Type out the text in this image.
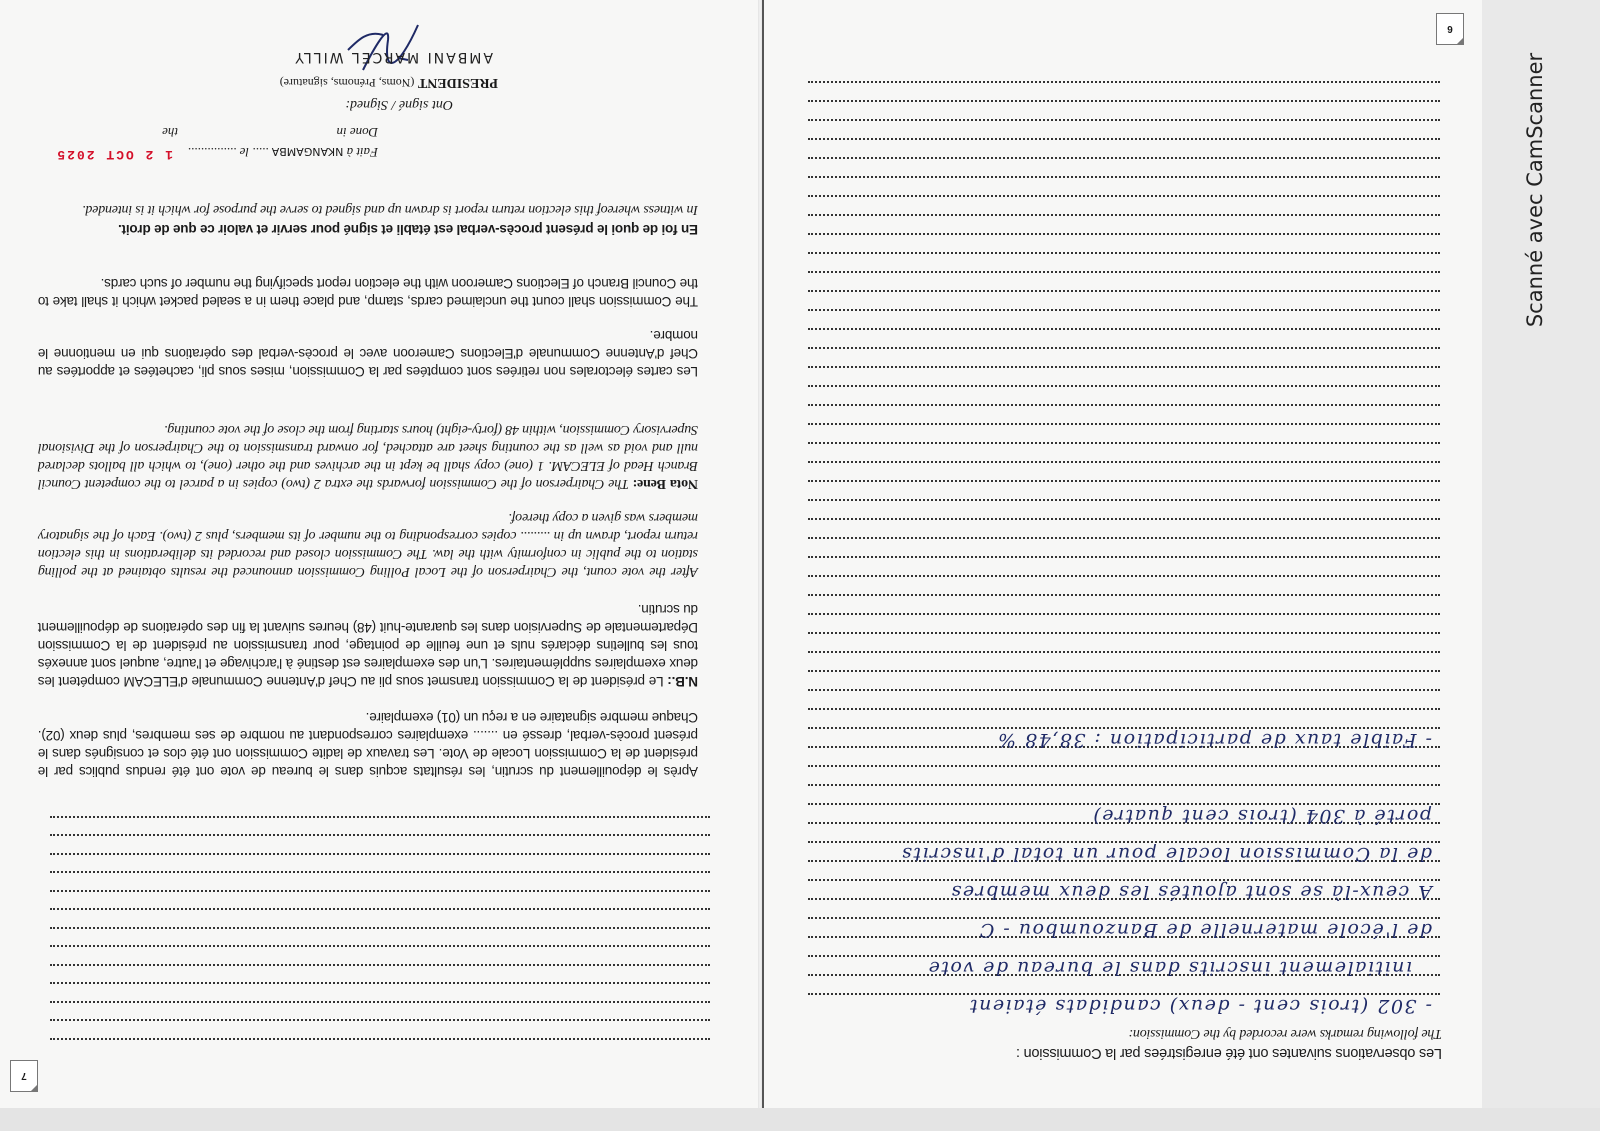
7
AMBANI MARCEL WILLY
PRESIDENT (Noms, Prénoms, signature)
Ont signé / Signed:
Done in
the
Fait à NKANGAMBA ..... le ...............
1 2 OCT 2025
In witness whereof this election return report is drawn up and signed to serve the purpose for which it is intended.
En foi de quoi le présent procès-verbal est établi et signé pour servir et valoir ce que de droit.
The Commission shall count the unclaimed cards, stamp, and place them in a sealed packet which it shall take to the Council Branch of Elections Cameroon with the election report specifying the number of such cards.
Les cartes électorales non retirées sont comptées par la Commission, mises sous pli, cachetées et apportées au Chef d'Antenne Communale d'Elections Cameroon avec le procès-verbal des opérations qui en mentionne le nombre.
Nota Bene: The Chairperson of the Commission forwards the extra 2 (two) copies in a parcel to the competent Council Branch Head of ELECAM. 1 (one) copy shall be kept in the archives and the other (one), to which all ballots declared null and void as well as the counting sheet are attached, for onward transmission to the Chairperson of the Divisional Supervisory Commission, within 48 (forty-eight) hours starting from the close of the vote counting.
After the vote count, the Chairperson of the Local Polling Commission announced the results obtained at the polling station to the public in conformity with the law. The Commission closed and recorded its deliberations in this election return report, drawn up in ......... copies corresponding to the number of its members, plus 2 (two). Each of the signatory members was given a copy thereof.
N.B.: Le président de la Commission transmet sous pli au Chef d'Antenne Communale d'ELECAM compétent les deux exemplaires supplémentaires. L'un des exemplaires est destiné à l'archivage et l'autre, auquel sont annexés tous les bulletins déclarés nuls et une feuille de pointage, pour transmission au président de la Commission Départementale de Supervision dans les quarante-huit (48) heures suivant la fin des opérations de dépouillement du scrutin.
Après le dépouillement du scrutin, les résultats acquis dans le bureau de vote ont été rendus publics par le président de la Commission Locale de Vote. Les travaux de ladite Commission ont été clos et consignés dans le présent procès-verbal, dressé en ....... exemplaires correspondant au nombre de ses membres, plus deux (02). Chaque membre signataire en a reçu un (01) exemplaire.
6
Les observations suivantes ont été enregistrées par la Commission :
The following remarks were recorded by the Commission:
- 302 (trois cent - deux) candidats étaient
initialement inscrits dans le bureau de vote
de l'école maternelle de Banzoumbou - C
A ceux-là se sont ajoutés les deux membres
de la Commission locale pour un total d'inscrits
porté à 304 (trois cent quatre)
- Faible taux de participation : 38,48 %
Scanné avec CamScanner
